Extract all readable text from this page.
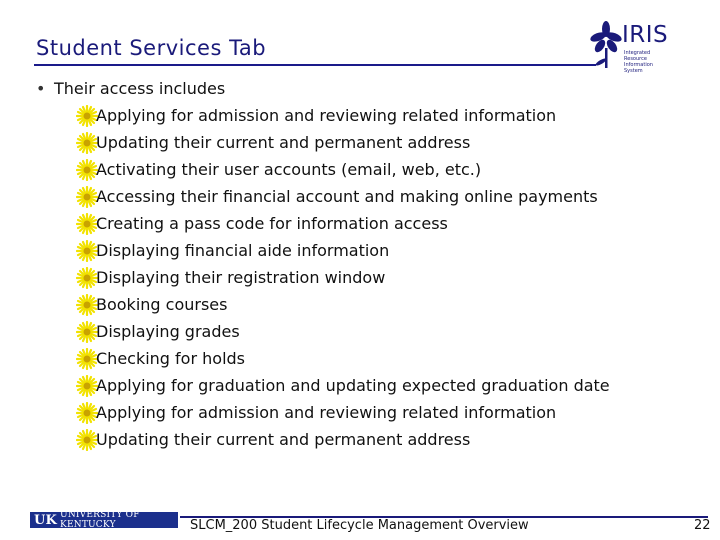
Student Services Tab	IRIS
Integrated Resource Information System
• Their access includes
Applying for admission and reviewing related information
Updating their current and permanent address
Activating their user accounts (email, web, etc.)
Accessing their financial account and making online payments
Creating a pass code for information access
Displaying financial aide information
Displaying their registration window
Booking courses
Displaying grades
Checking for holds
Applying for graduation and updating expected graduation date
Applying for admission and reviewing related information
Updating their current and permanent address
UK UNIVERSITY OF KENTUCKY	SLCM_200 Student Lifecycle Management Overview	22
